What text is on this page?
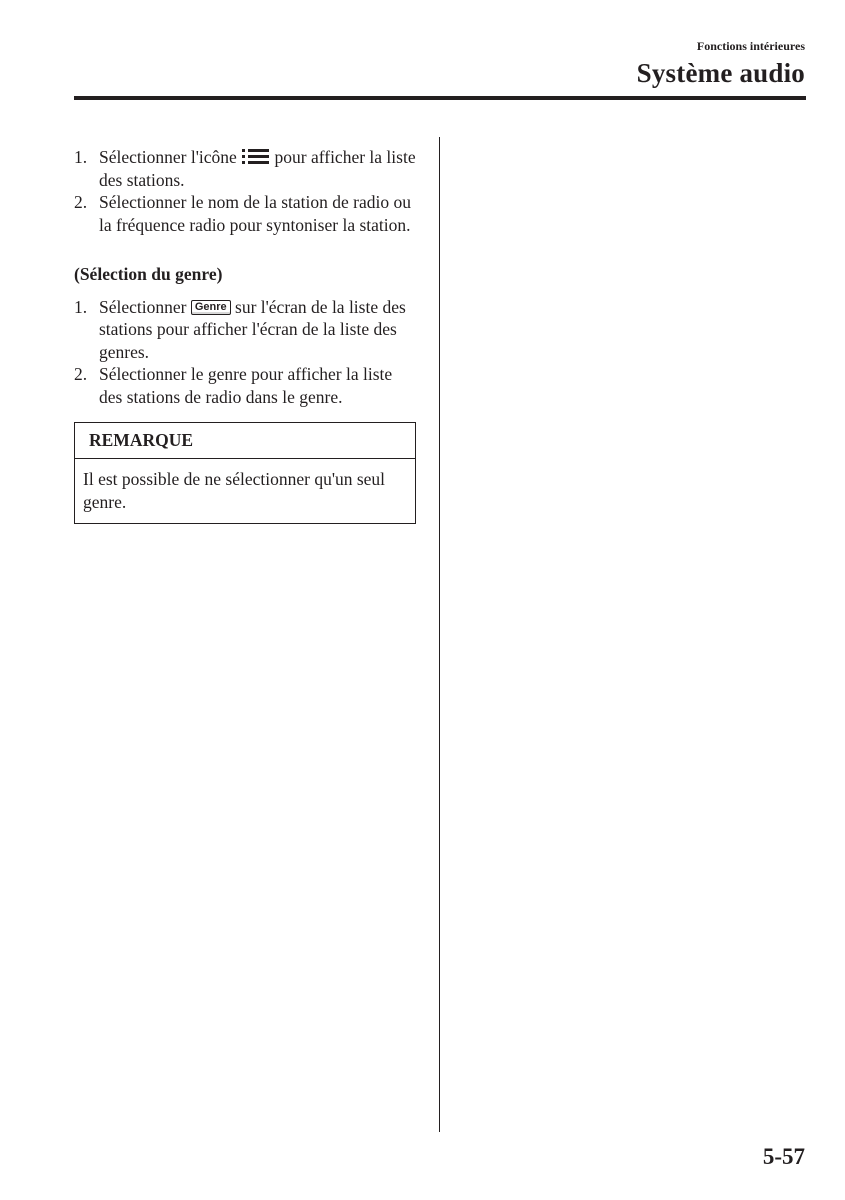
Fonctions intérieures
Système audio
1. Sélectionner l'icône pour afficher la liste des stations.
2. Sélectionner le nom de la station de radio ou la fréquence radio pour syntoniser la station.
(Sélection du genre)
1. Sélectionner Genre sur l'écran de la liste des stations pour afficher l'écran de la liste des genres.
2. Sélectionner le genre pour afficher la liste des stations de radio dans le genre.
REMARQUE
Il est possible de ne sélectionner qu'un seul genre.
5-57
